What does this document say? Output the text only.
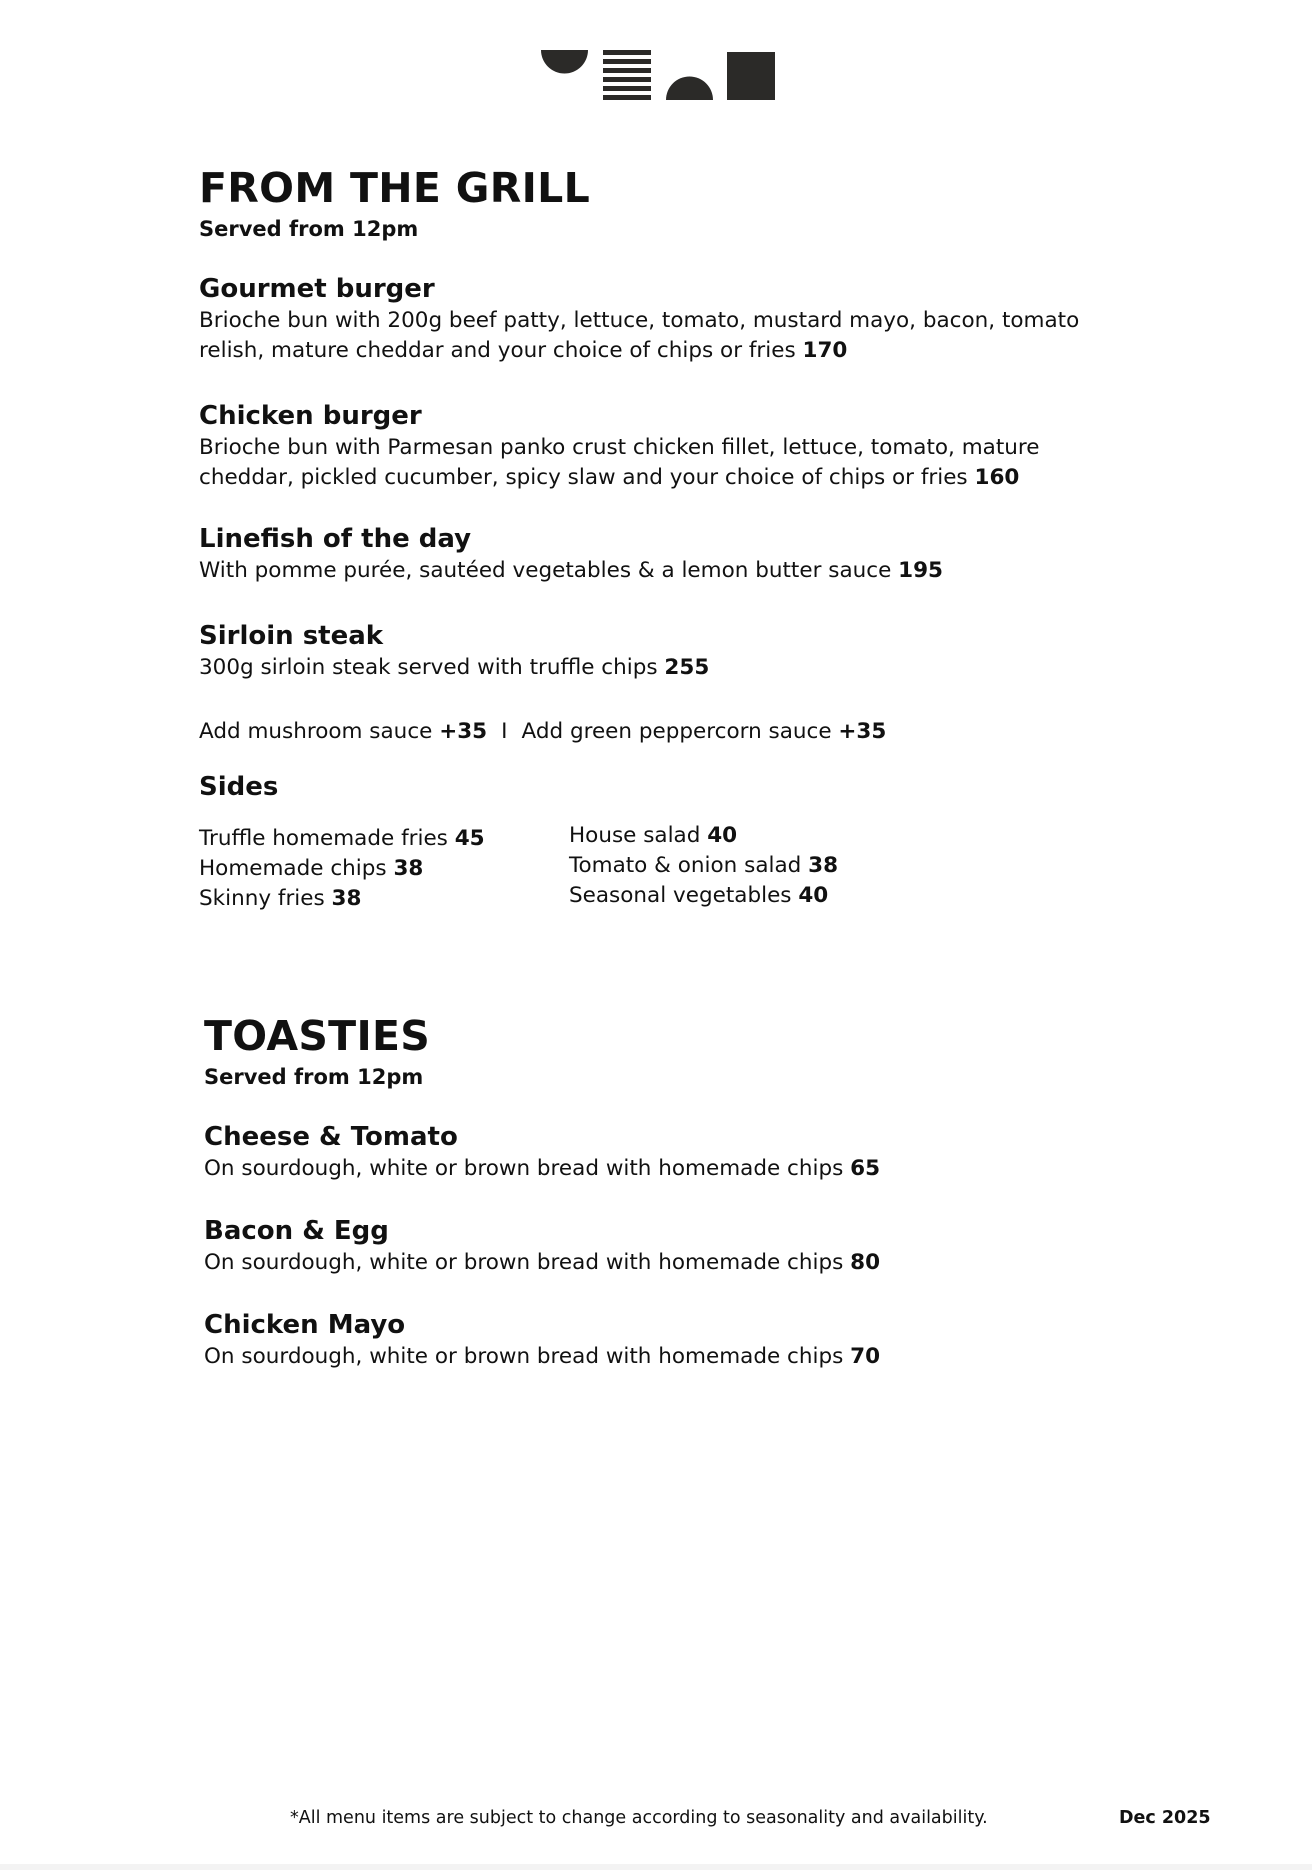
FROM THE GRILL
Served from 12pm
Gourmet burger
Brioche bun with 200g beef patty, lettuce, tomato, mustard mayo, bacon, tomato
relish, mature cheddar and your choice of chips or fries 170
Chicken burger
Brioche bun with Parmesan panko crust chicken fillet, lettuce, tomato, mature
cheddar, pickled cucumber, spicy slaw and your choice of chips or fries 160
Linefish of the day
With pomme purée, sautéed vegetables & a lemon butter sauce 195
Sirloin steak
300g sirloin steak served with truffle chips 255
Add mushroom sauce +35 I Add green peppercorn sauce +35
Sides
Truffle homemade fries 45
Homemade chips 38
Skinny fries 38
House salad 40
Tomato & onion salad 38
Seasonal vegetables 40
TOASTIES
Served from 12pm
Cheese & Tomato
On sourdough, white or brown bread with homemade chips 65
Bacon & Egg
On sourdough, white or brown bread with homemade chips 80
Chicken Mayo
On sourdough, white or brown bread with homemade chips 70
*All menu items are subject to change according to seasonality and availability.	Dec 2025
